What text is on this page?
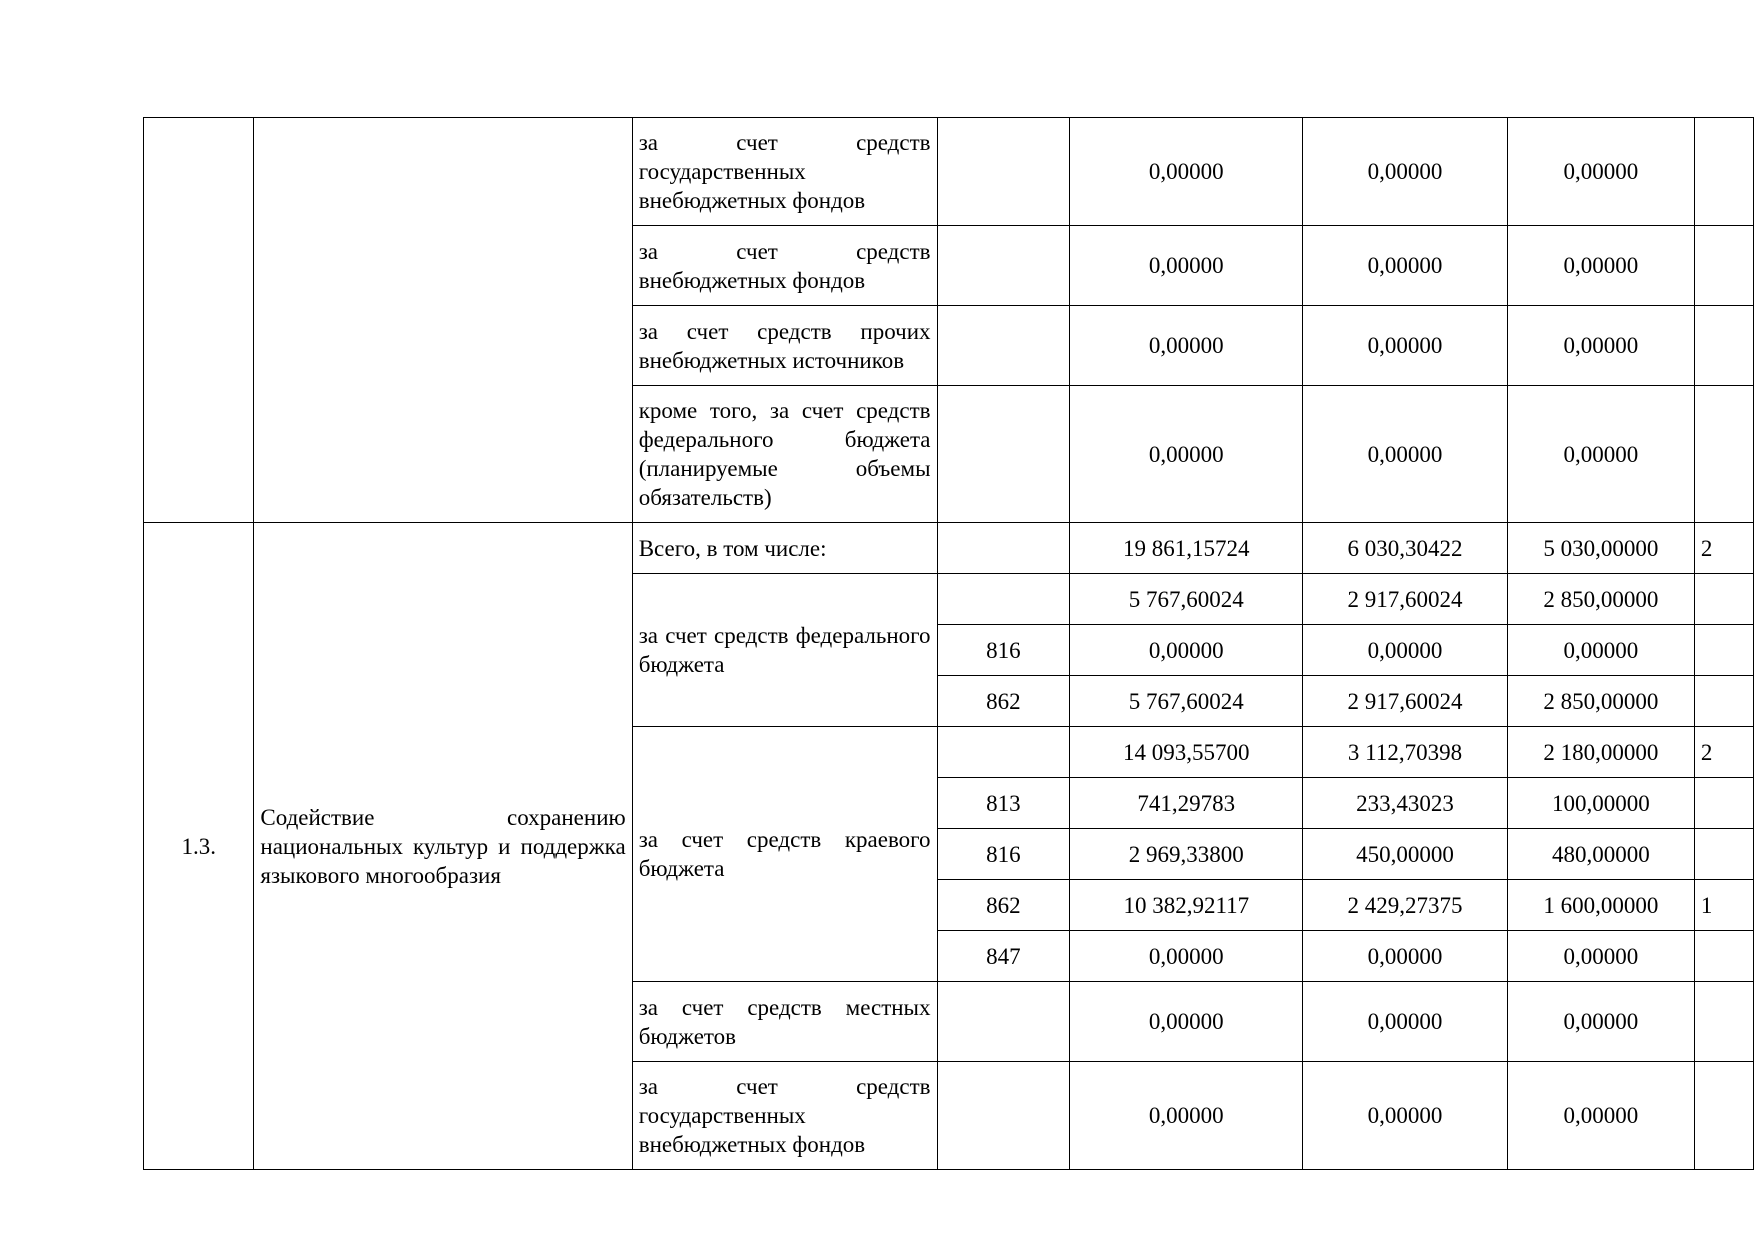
		за счет средств государственных внебюджетных фондов		0,00000	0,00000	0,00000	
		за счет средств внебюджетных фондов		0,00000	0,00000	0,00000	
		за счет средств прочих внебюджетных источников		0,00000	0,00000	0,00000	
		кроме того, за счет средств федерального бюджета (планируемые объемы обязательств)		0,00000	0,00000	0,00000	
1.3.	Содействие сохранению национальных культур и поддержка языкового многообразия	Всего, в том числе:		19 861,15724	6 030,30422	5 030,00000	2
		за счет средств федерального бюджета		5 767,60024	2 917,60024	2 850,00000	
			816	0,00000	0,00000	0,00000	
			862	5 767,60024	2 917,60024	2 850,00000	
		за счет средств краевого бюджета		14 093,55700	3 112,70398	2 180,00000	2
			813	741,29783	233,43023	100,00000	
			816	2 969,33800	450,00000	480,00000	
			862	10 382,92117	2 429,27375	1 600,00000	1
			847	0,00000	0,00000	0,00000	
		за счет средств местных бюджетов		0,00000	0,00000	0,00000	
		за счет средств государственных внебюджетных фондов		0,00000	0,00000	0,00000	
